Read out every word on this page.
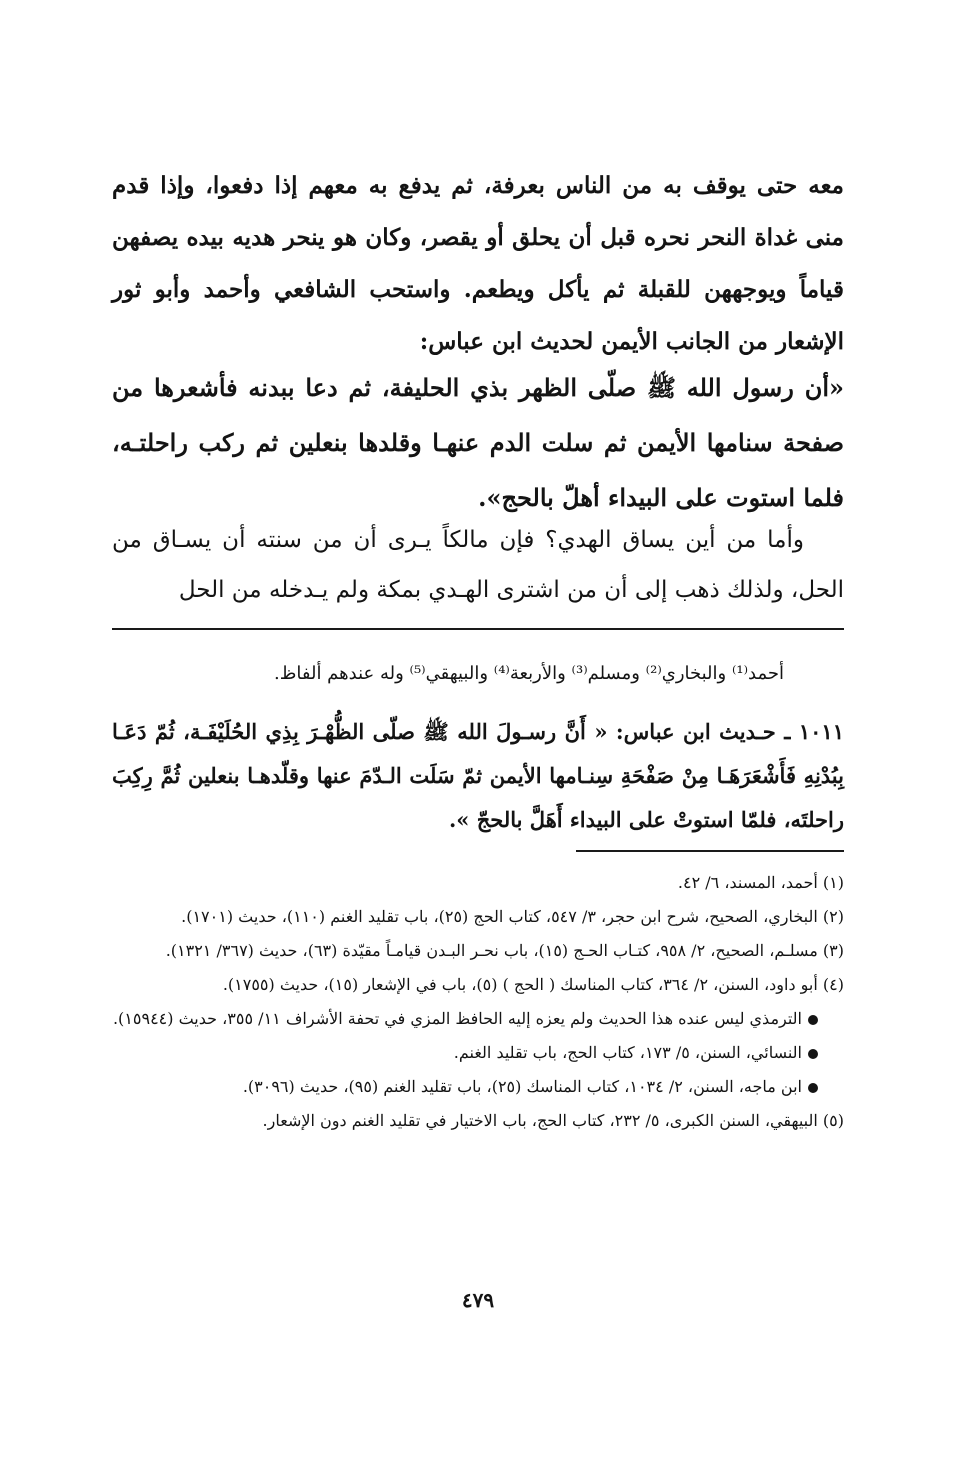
معه حتى يوقف به من الناس بعرفة، ثم يدفع به معهم إذا دفعوا، وإذا قدم منى غداة النحر نحره قبل أن يحلق أو يقصر، وكان هو ينحر هديه بيده يصفهن قياماً ويوجههن للقبلة ثم يأكل ويطعم. واستحب الشافعي وأحمد وأبو ثور الإشعار من الجانب الأيمن لحديث ابن عباس:
«أن رسول الله ﷺ صلّى الظهر بذي الحليفة، ثم دعا ببدنه فأشعرها من صفحة سنامها الأيمن ثم سلت الدم عنهـا وقلدها بنعلين ثم ركب راحلتـه، فلما استوت على البيداء أهلّ بالحج».
وأما من أين يساق الهدي؟ فإن مالكاً يـرى أن من سنته أن يسـاق من الحل، ولذلك ذهب إلى أن من اشترى الهـدي بمكة ولم يـدخله من الحل
أحمد⁽¹⁾ والبخاري⁽²⁾ ومسلم⁽³⁾ والأربعة⁽⁴⁾ والبيهقي⁽⁵⁾ وله عندهم ألفاظ.
١٠١١ ـ حـديث ابن عباس: « أَنَّ رسـولَ الله ﷺ صلّى الظُّهْـرَ بِذِي الحُلَيْفَـة، ثُمّ دَعَـا بِبُدْنِهِ فَأَشْعَرَهَـا مِنْ صَفْحَةِ سِنـامها الأيمن ثمّ سَلَت الـدّمَ عنها وقلّدهـا بنعلين ثُمَّ رِكِبَ راحلتَه، فلمّا استوتْ على البيداء أَهَلَّ بالحجّ ».

(١) أحمد، المسند، ٦/ ٤٢.

(٢) البخاري، الصحيح، شرح ابن حجر، ٣/ ٥٤٧، كتاب الحج (٢٥)، باب تقليد الغنم (١١٠)، حديث (١٧٠١).

(٣) مسلـم، الصحيح، ٢/ ٩٥٨، كتـاب الحـج (١٥)، باب نحـر البـدن قيامـاً مقيّدة (٦٣)، حديث (٣٦٧/ ١٣٢١).

(٤) أبو داود، السنن، ٢/ ٣٦٤، كتاب المناسك ( الحج ) (٥)، باب في الإشعار (١٥)، حديث (١٧٥٥).

الترمذي ليس عنده هذا الحديث ولم يعزه إليه الحافظ المزي في تحفة الأشراف ١١/ ٣٥٥، حديث (١٥٩٤٤).

النسائي، السنن، ٥/ ١٧٣، كتاب الحج، باب تقليد الغنم.

ابن ماجه، السنن، ٢/ ١٠٣٤، كتاب المناسك (٢٥)، باب تقليد الغنم (٩٥)، حديث (٣٠٩٦).

(٥) البيهقي، السنن الكبرى، ٥/ ٢٣٢، كتاب الحج، باب الاختيار في تقليد الغنم دون الإشعار.

٤٧٩
